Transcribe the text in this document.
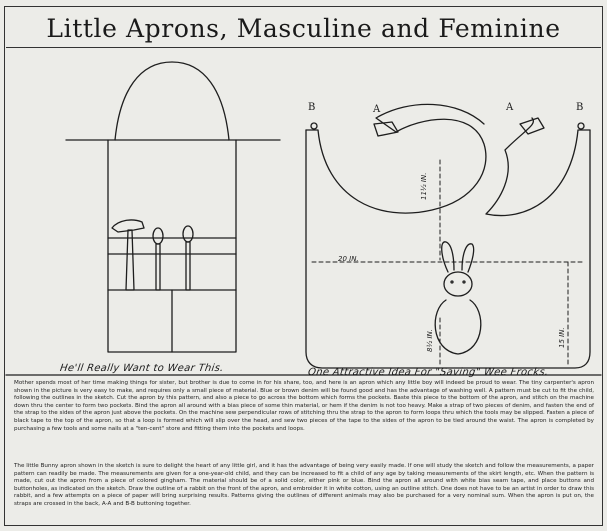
Little Aprons, Masculine and Feminine
B	A	A	B
20 IN.
11½ IN.
8½ IN.	15 IN.
He'll Really Want to Wear This.	One Attractive Idea For "Saving" Wee Frocks.
Mother spends most of her time making things for sister, but brother is due to come in for his share, too, and here is an apron which any little boy will indeed be proud to wear. The tiny carpenter's apron shown in the picture is very easy to make, and requires only a small piece of material. Blue or brown denim will be found good and has the advantage of washing well. A pattern must be cut to fit the child, following the outlines in the sketch. Cut the apron by this pattern, and also a piece to go across the bottom which forms the pockets. Baste this piece to the bottom of the apron, and stitch on the machine down thru the center to form two pockets. Bind the apron all around with a bias piece of some thin material, or hem if the denim is not too heavy. Make a strap of two pieces of denim, and fasten the end of the strap to the sides of the apron just above the pockets. On the machine sew perpendicular rows of stitching thru the strap to the apron to form loops thru which the tools may be slipped. Fasten a piece of black tape to the top of the apron, so that a loop is formed which will slip over the head, and sew two pieces of the tape to the sides of the apron to be tied around the waist. The apron is completed by purchasing a few tools and some nails at a "ten-cent" store and fitting them into the pockets and loops.
The little Bunny apron shown in the sketch is sure to delight the heart of any little girl, and it has the advantage of being very easily made. If one will study the sketch and follow the measurements, a paper pattern can readily be made. The measurements are given for a one-year-old child, and they can be increased to fit a child of any age by taking measurements of the skirt length, etc. When the pattern is made, cut out the apron from a piece of colored gingham. The material should be of a solid color, either pink or blue. Bind the apron all around with white bias seam tape, and place buttons and buttonholes, as indicated on the sketch. Draw the outline of a rabbit on the front of the apron, and embroider it in white cotton, using an outline stitch. One does not have to be an artist in order to draw this rabbit, and a few attempts on a piece of paper will bring surprising results. Patterns giving the outlines of different animals may also be purchased for a very nominal sum. When the apron is put on, the straps are crossed in the back, A-A and B-B buttoning together.
